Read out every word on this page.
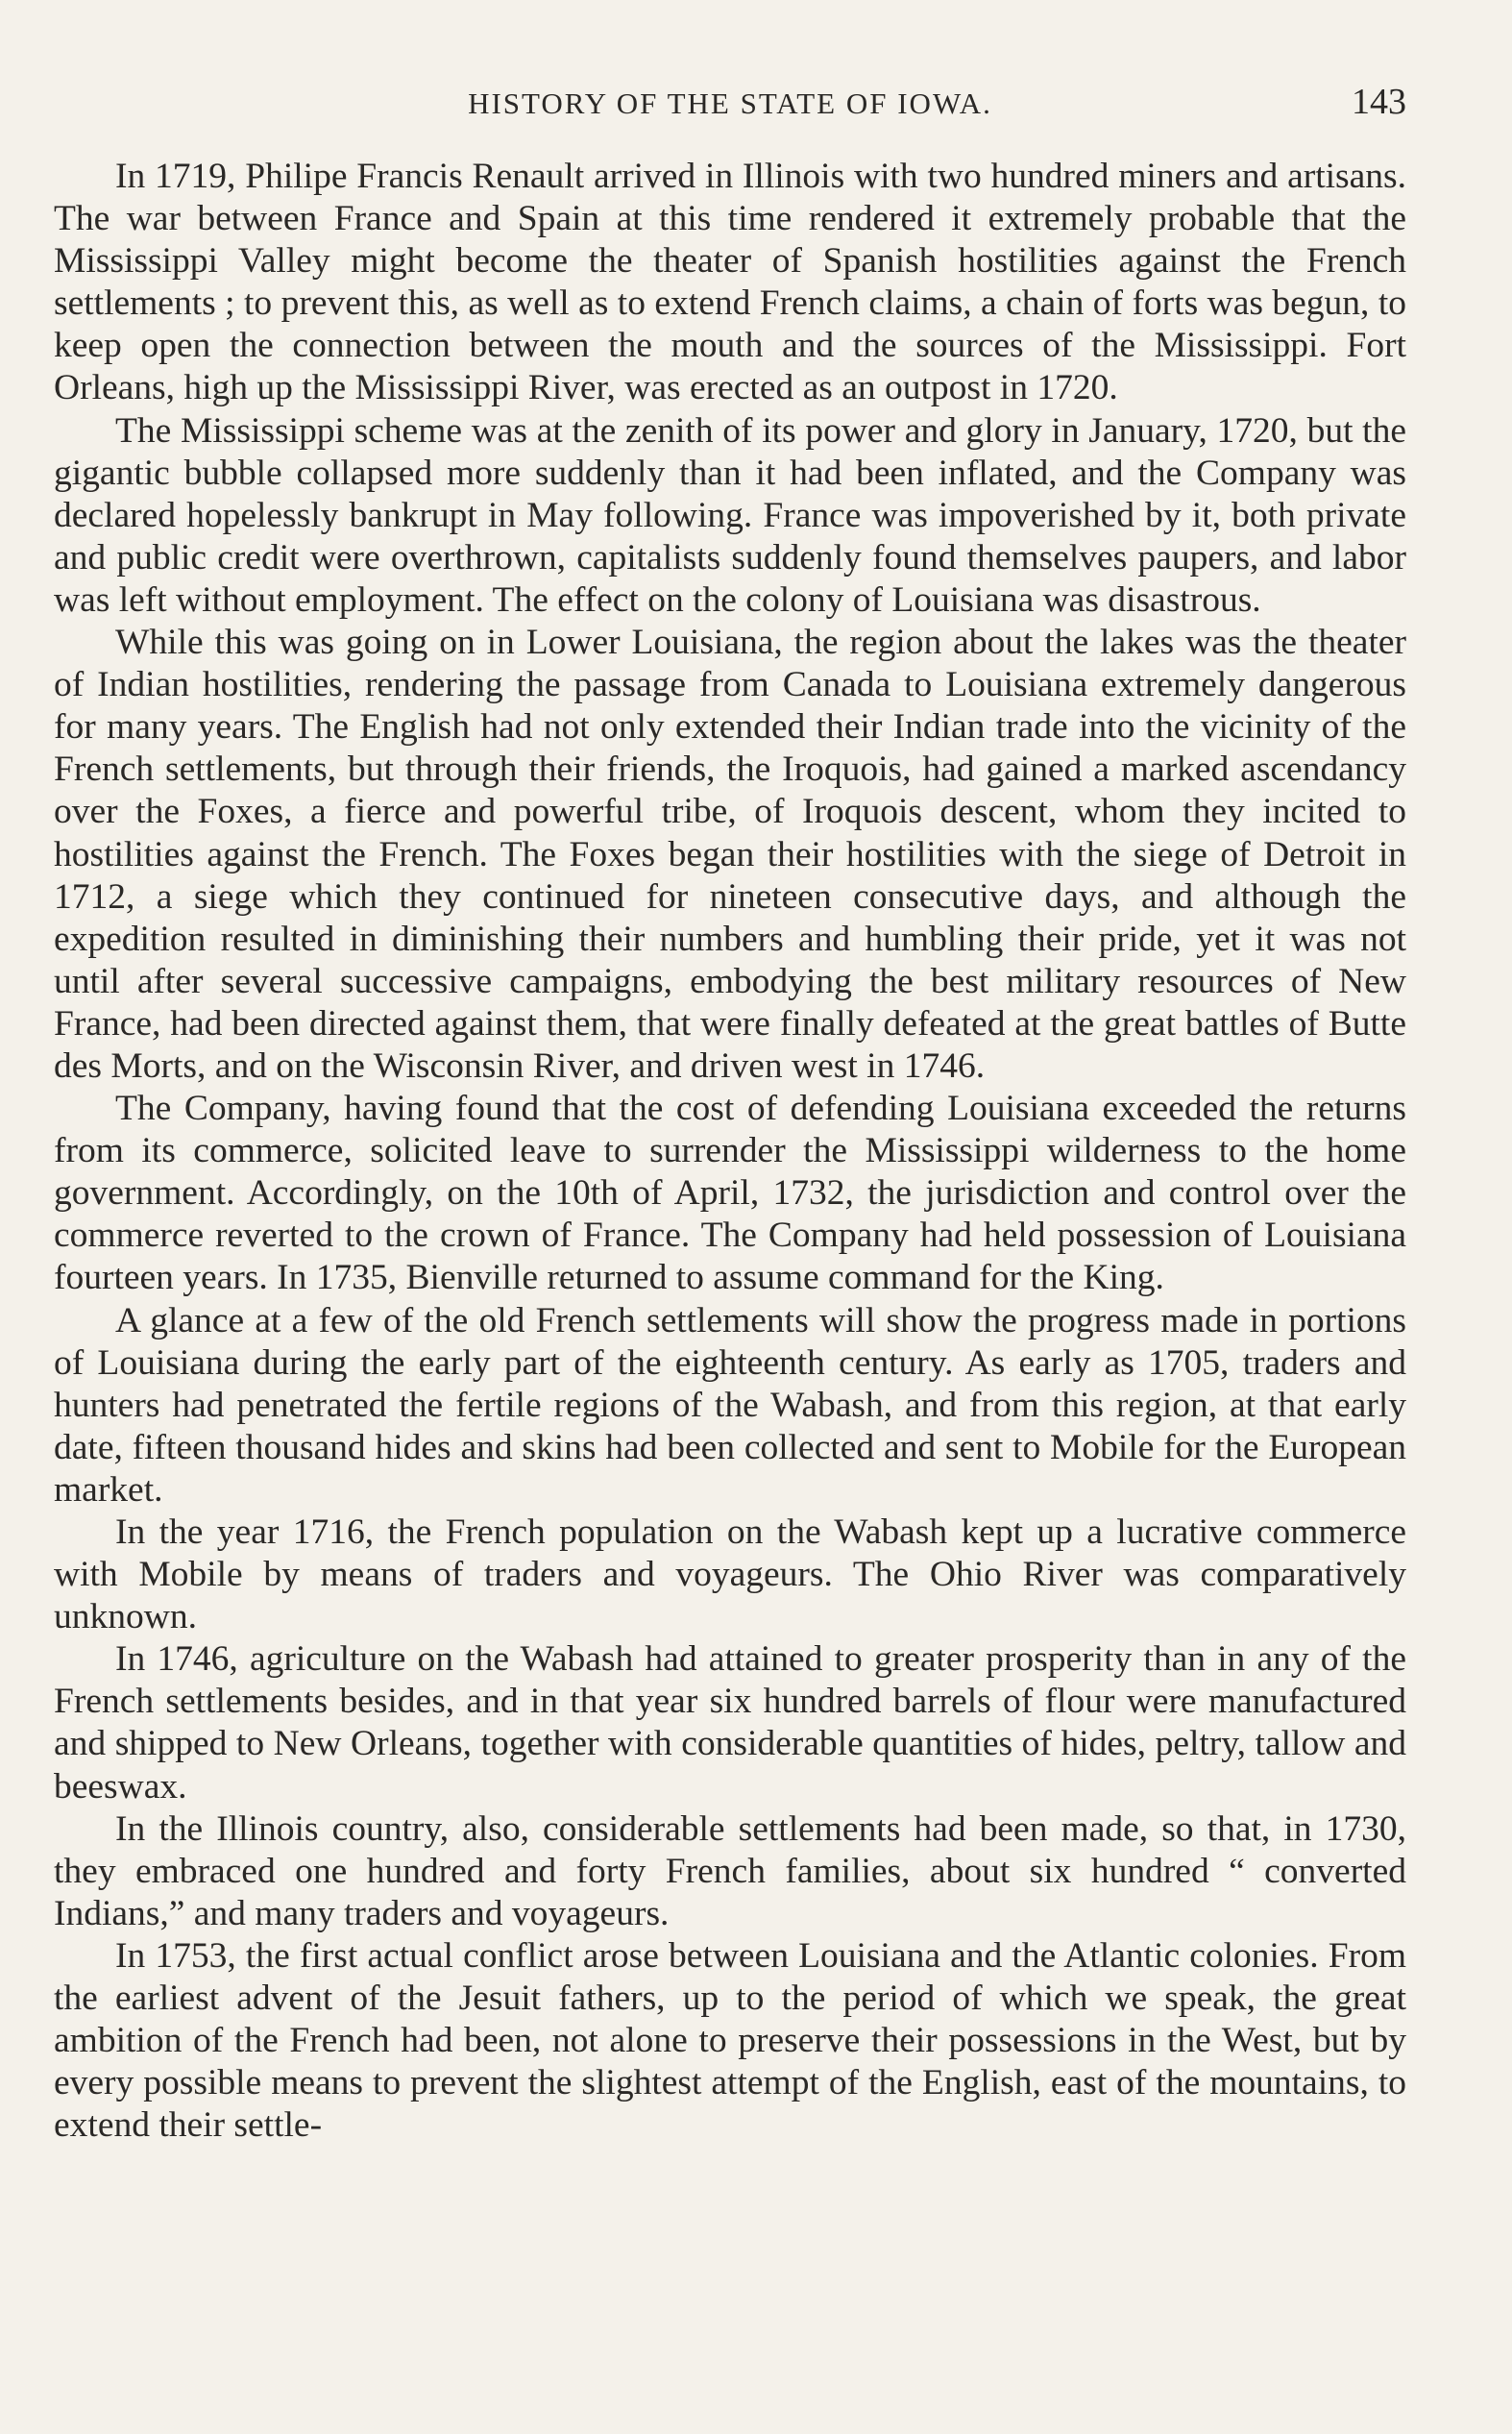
HISTORY OF THE STATE OF IOWA.	143

In 1719, Philipe Francis Renault arrived in Illinois with two hundred miners and artisans. The war between France and Spain at this time rendered it extremely probable that the Mississippi Valley might become the theater of Spanish hostilities against the French settlements ; to prevent this, as well as to extend French claims, a chain of forts was begun, to keep open the connection between the mouth and the sources of the Mississippi. Fort Orleans, high up the Mississippi River, was erected as an outpost in 1720.

The Mississippi scheme was at the zenith of its power and glory in January, 1720, but the gigantic bubble collapsed more suddenly than it had been inflated, and the Company was declared hopelessly bankrupt in May following. France was impoverished by it, both private and public credit were overthrown, capitalists suddenly found themselves paupers, and labor was left without employment. The effect on the colony of Louisiana was disastrous.

While this was going on in Lower Louisiana, the region about the lakes was the theater of Indian hostilities, rendering the passage from Canada to Louisiana extremely dangerous for many years. The English had not only extended their Indian trade into the vicinity of the French settlements, but through their friends, the Iroquois, had gained a marked ascendancy over the Foxes, a fierce and powerful tribe, of Iroquois descent, whom they incited to hostilities against the French. The Foxes began their hostilities with the siege of Detroit in 1712, a siege which they continued for nineteen consecutive days, and although the expedition resulted in diminishing their numbers and humbling their pride, yet it was not until after several successive campaigns, embodying the best military resources of New France, had been directed against them, that were finally defeated at the great battles of Butte des Morts, and on the Wisconsin River, and driven west in 1746.

The Company, having found that the cost of defending Louisiana exceeded the returns from its commerce, solicited leave to surrender the Mississippi wilderness to the home government. Accordingly, on the 10th of April, 1732, the jurisdiction and control over the commerce reverted to the crown of France. The Company had held possession of Louisiana fourteen years. In 1735, Bienville returned to assume command for the King.

A glance at a few of the old French settlements will show the progress made in portions of Louisiana during the early part of the eighteenth century. As early as 1705, traders and hunters had penetrated the fertile regions of the Wabash, and from this region, at that early date, fifteen thousand hides and skins had been collected and sent to Mobile for the European market.

In the year 1716, the French population on the Wabash kept up a lucrative commerce with Mobile by means of traders and voyageurs. The Ohio River was comparatively unknown.

In 1746, agriculture on the Wabash had attained to greater prosperity than in any of the French settlements besides, and in that year six hundred barrels of flour were manufactured and shipped to New Orleans, together with considerable quantities of hides, peltry, tallow and beeswax.

In the Illinois country, also, considerable settlements had been made, so that, in 1730, they embraced one hundred and forty French families, about six hundred “ converted Indians,” and many traders and voyageurs.

In 1753, the first actual conflict arose between Louisiana and the Atlantic colonies. From the earliest advent of the Jesuit fathers, up to the period of which we speak, the great ambition of the French had been, not alone to preserve their possessions in the West, but by every possible means to prevent the slightest attempt of the English, east of the mountains, to extend their settle-
